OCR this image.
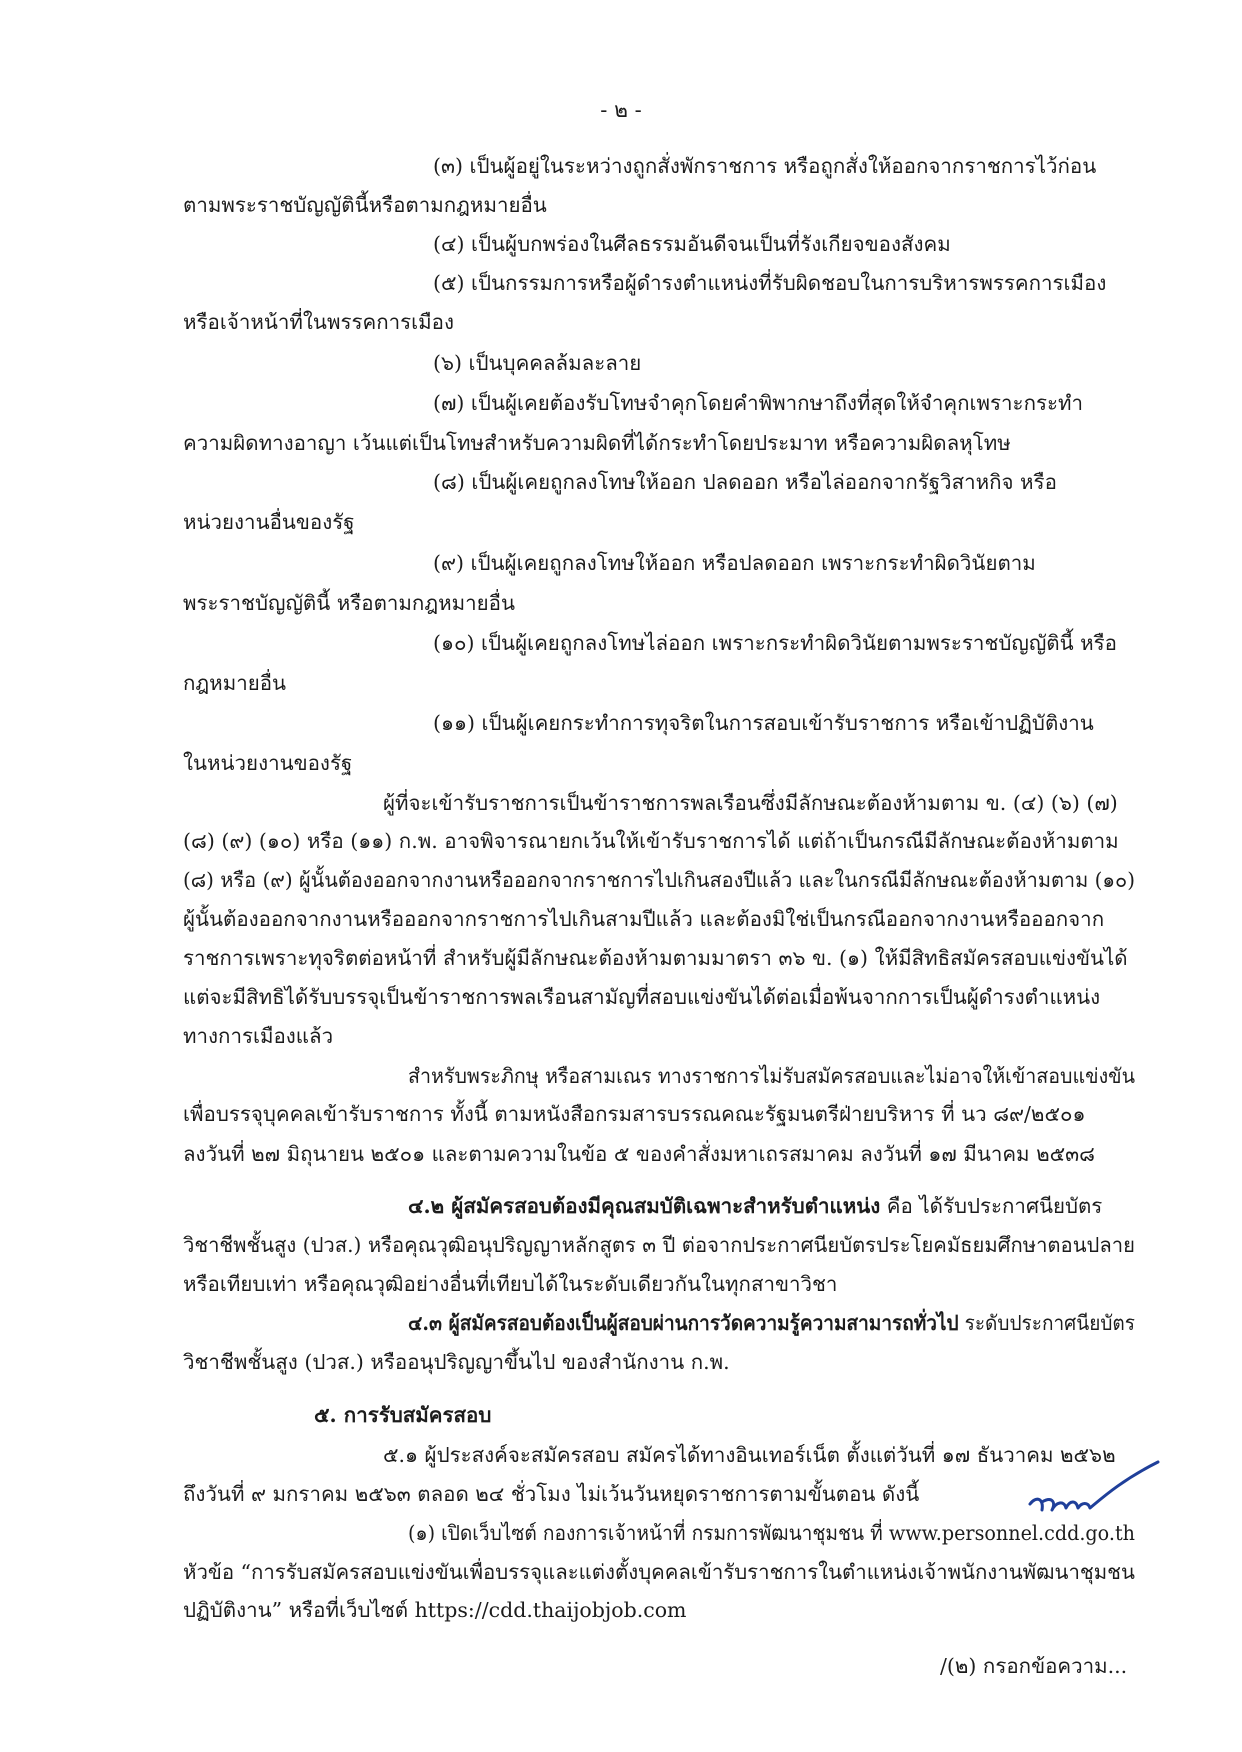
- ๒ -
(๓) เป็นผู้อยู่ในระหว่างถูกสั่งพักราชการ หรือถูกสั่งให้ออกจากราชการไว้ก่อน
ตามพระราชบัญญัตินี้หรือตามกฎหมายอื่น
(๔) เป็นผู้บกพร่องในศีลธรรมอันดีจนเป็นที่รังเกียจของสังคม
(๕) เป็นกรรมการหรือผู้ดำรงตำแหน่งที่รับผิดชอบในการบริหารพรรคการเมือง
หรือเจ้าหน้าที่ในพรรคการเมือง
(๖) เป็นบุคคลล้มละลาย
(๗) เป็นผู้เคยต้องรับโทษจำคุกโดยคำพิพากษาถึงที่สุดให้จำคุกเพราะกระทำ
ความผิดทางอาญา เว้นแต่เป็นโทษสำหรับความผิดที่ได้กระทำโดยประมาท หรือความผิดลหุโทษ
(๘) เป็นผู้เคยถูกลงโทษให้ออก ปลดออก หรือไล่ออกจากรัฐวิสาหกิจ หรือ
หน่วยงานอื่นของรัฐ
(๙) เป็นผู้เคยถูกลงโทษให้ออก หรือปลดออก เพราะกระทำผิดวินัยตาม
พระราชบัญญัตินี้ หรือตามกฎหมายอื่น
(๑๐) เป็นผู้เคยถูกลงโทษไล่ออก เพราะกระทำผิดวินัยตามพระราชบัญญัตินี้ หรือ
กฎหมายอื่น
(๑๑) เป็นผู้เคยกระทำการทุจริตในการสอบเข้ารับราชการ หรือเข้าปฏิบัติงาน
ในหน่วยงานของรัฐ
ผู้ที่จะเข้ารับราชการเป็นข้าราชการพลเรือนซึ่งมีลักษณะต้องห้ามตาม ข. (๔) (๖) (๗)
(๘) (๙) (๑๐) หรือ (๑๑) ก.พ. อาจพิจารณายกเว้นให้เข้ารับราชการได้ แต่ถ้าเป็นกรณีมีลักษณะต้องห้ามตาม
(๘) หรือ (๙) ผู้นั้นต้องออกจากงานหรือออกจากราชการไปเกินสองปีแล้ว และในกรณีมีลักษณะต้องห้ามตาม (๑๐)
ผู้นั้นต้องออกจากงานหรือออกจากราชการไปเกินสามปีแล้ว และต้องมิใช่เป็นกรณีออกจากงานหรือออกจาก
ราชการเพราะทุจริตต่อหน้าที่ สำหรับผู้มีลักษณะต้องห้ามตามมาตรา ๓๖ ข. (๑) ให้มีสิทธิสมัครสอบแข่งขันได้
แต่จะมีสิทธิได้รับบรรจุเป็นข้าราชการพลเรือนสามัญที่สอบแข่งขันได้ต่อเมื่อพ้นจากการเป็นผู้ดำรงตำแหน่ง
ทางการเมืองแล้ว
สำหรับพระภิกษุ หรือสามเณร ทางราชการไม่รับสมัครสอบและไม่อาจให้เข้าสอบแข่งขัน
เพื่อบรรจุบุคคลเข้ารับราชการ ทั้งนี้ ตามหนังสือกรมสารบรรณคณะรัฐมนตรีฝ่ายบริหาร ที่ นว ๘๙/๒๕๐๑
ลงวันที่ ๒๗ มิถุนายน ๒๕๐๑ และตามความในข้อ ๕ ของคำสั่งมหาเถรสมาคม ลงวันที่ ๑๗ มีนาคม ๒๕๓๘
๔.๒ ผู้สมัครสอบต้องมีคุณสมบัติเฉพาะสำหรับตำแหน่ง คือ ได้รับประกาศนียบัตร
วิชาชีพชั้นสูง (ปวส.) หรือคุณวุฒิอนุปริญญาหลักสูตร ๓ ปี ต่อจากประกาศนียบัตรประโยคมัธยมศึกษาตอนปลาย
หรือเทียบเท่า หรือคุณวุฒิอย่างอื่นที่เทียบได้ในระดับเดียวกันในทุกสาขาวิชา
๔.๓ ผู้สมัครสอบต้องเป็นผู้สอบผ่านการวัดความรู้ความสามารถทั่วไป ระดับประกาศนียบัตร
วิชาชีพชั้นสูง (ปวส.) หรืออนุปริญญาขึ้นไป ของสำนักงาน ก.พ.
๕. การรับสมัครสอบ
๕.๑ ผู้ประสงค์จะสมัครสอบ สมัครได้ทางอินเทอร์เน็ต ตั้งแต่วันที่ ๑๗ ธันวาคม ๒๕๖๒
ถึงวันที่ ๙ มกราคม ๒๕๖๓ ตลอด ๒๔ ชั่วโมง ไม่เว้นวันหยุดราชการตามขั้นตอน ดังนี้
(๑) เปิดเว็บไซต์ กองการเจ้าหน้าที่ กรมการพัฒนาชุมชน ที่ www.personnel.cdd.go.th
หัวข้อ “การรับสมัครสอบแข่งขันเพื่อบรรจุและแต่งตั้งบุคคลเข้ารับราชการในตำแหน่งเจ้าพนักงานพัฒนาชุมชน
ปฏิบัติงาน” หรือที่เว็บไซต์ https://cdd.thaijobjob.com
/(๒) กรอกข้อความ...
